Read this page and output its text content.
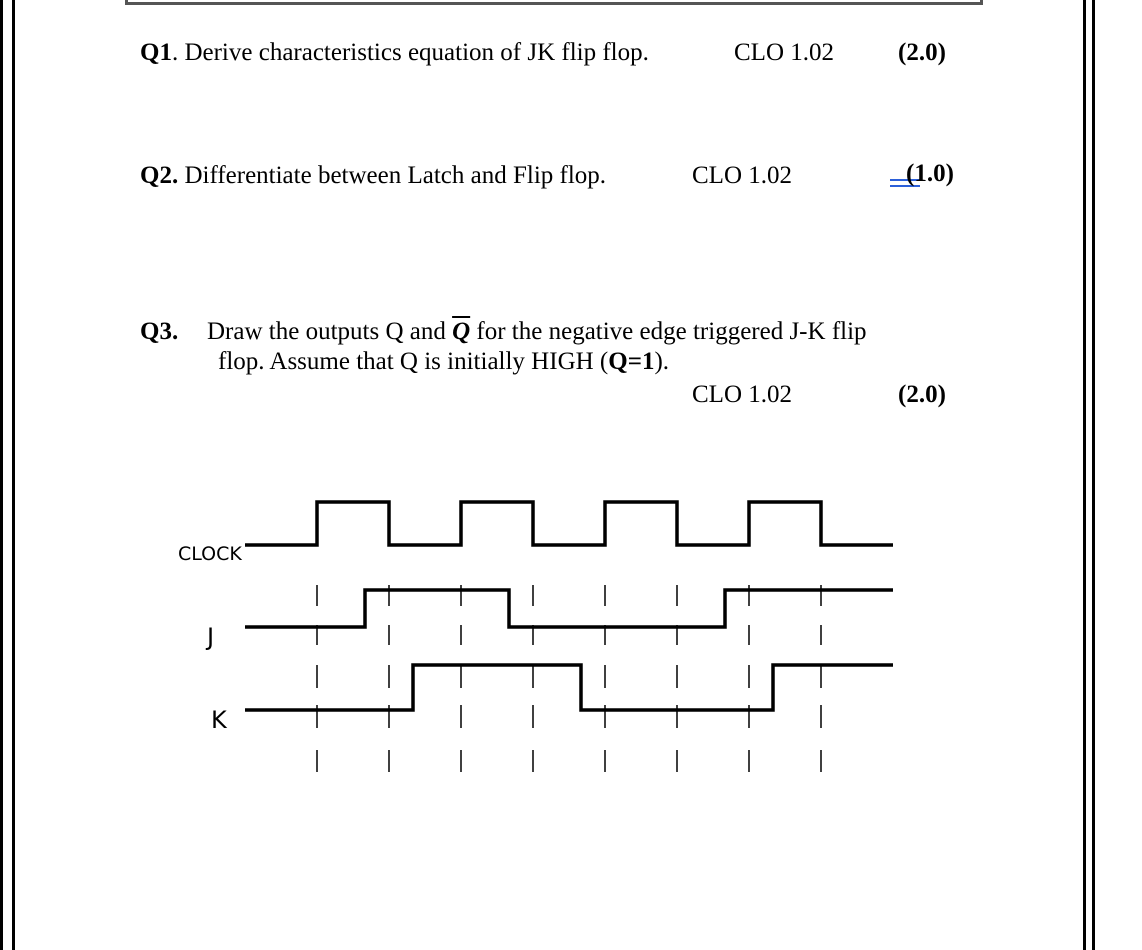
Q1. Derive characteristics equation of JK flip flop.	CLO 1.02	(2.0)
Q2. Differentiate between Latch and Flip flop.	CLO 1.02	(1.0)
Q3. Draw the outputs Q and $\overline{Q}$ for the negative edge triggered J-K flip
flop. Assume that Q is initially HIGH (Q=1).
CLO 1.02	(2.0)
CLOCK
J
K
